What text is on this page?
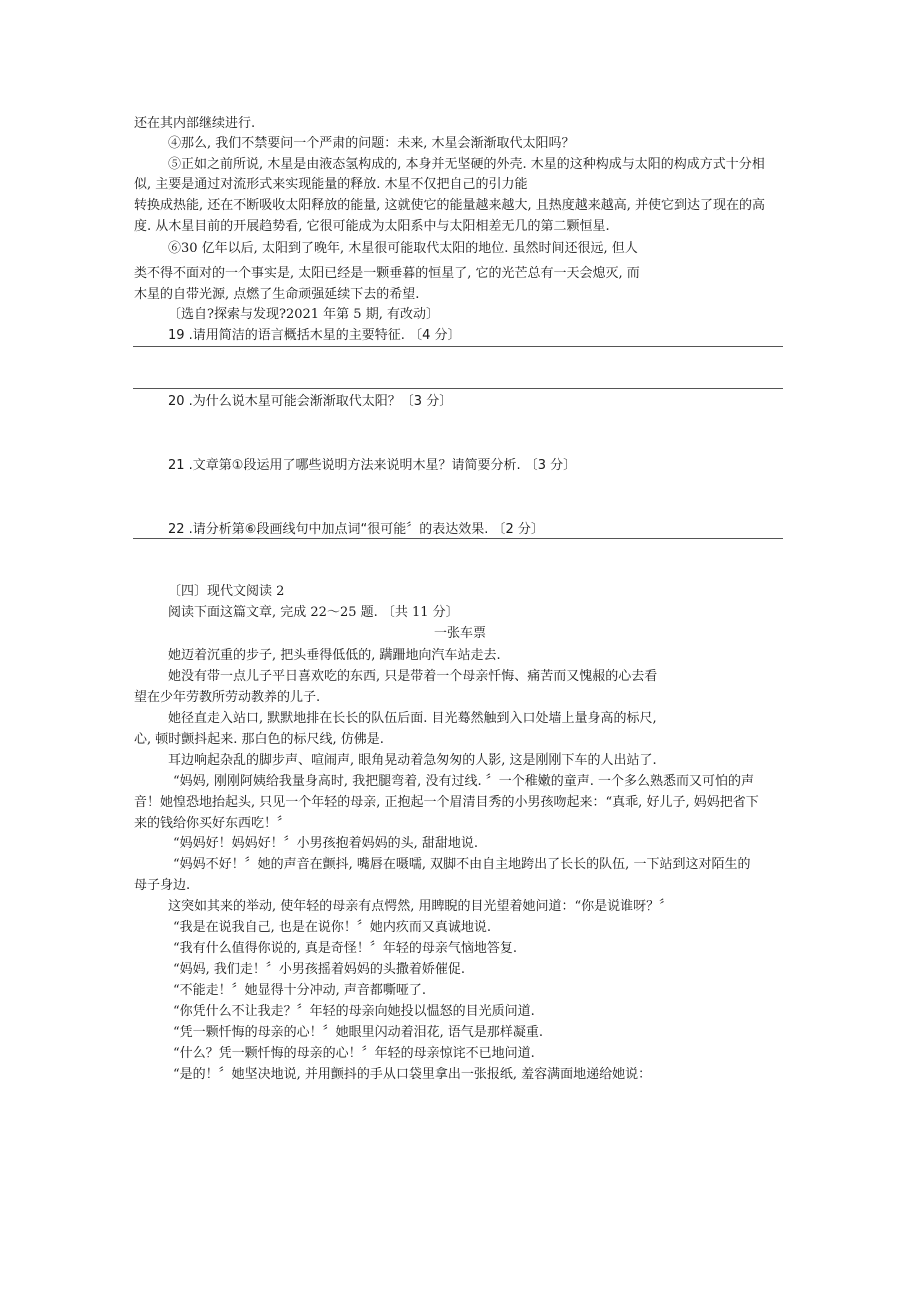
还在其内部继续进行.
④那么, 我们不禁要问一个严肃的问题：未来, 木星会渐渐取代太阳吗？
⑤正如之前所说, 木星是由液态氢构成的, 本身并无坚硬的外壳. 木星的这种构成与太阳的构成方式十分相
似, 主要是通过对流形式来实现能量的释放. 木星不仅把自己的引力能
转换成热能, 还在不断吸收太阳释放的能量, 这就使它的能量越来越大, 且热度越来越高, 并使它到达了现在的高
度. 从木星目前的开展趋势看, 它很可能成为太阳系中与太阳相差无几的第二颗恒星.
⑥30 亿年以后, 太阳到了晚年, 木星很可能取代太阳的地位. 虽然时间还很远, 但人
类不得不面对的一个事实是, 太阳已经是一颗垂暮的恒星了, 它的光芒总有一天会熄灭, 而
木星的自带光源, 点燃了生命顽强延续下去的希望.
〔选自?探索与发现?2021 年第 5 期, 有改动〕
19 .请用简洁的语言概括木星的主要特征. 〔4 分〕
20 .为什么说木星可能会渐渐取代太阳？〔3 分〕
21 .文章第①段运用了哪些说明方法来说明木星？请简要分析. 〔3 分〕
22 .请分析第⑥段画线句中加点词“很可能〞的表达效果. 〔2 分〕
〔四〕现代文阅读 2
阅读下面这篇文章, 完成 22〜25 题. 〔共 11 分〕
一张车票
她迈着沉重的步子, 把头垂得低低的, 蹒跚地向汽车站走去.
她没有带一点儿子平日喜欢吃的东西, 只是带着一个母亲忏悔、痛苦而又愧赧的心去看
望在少年劳教所劳动教养的儿子.
她径直走入站口, 默默地排在长长的队伍后面. 目光蓦然触到入口处墙上量身高的标尺,
心, 顿时颤抖起来. 那白色的标尺线, 仿佛是.
耳边响起杂乱的脚步声、喧闹声, 眼角晃动着急匆匆的人影, 这是刚刚下车的人出站了.
“妈妈, 刚刚阿姨给我量身高时, 我把腿弯着, 没有过线. 〞一个稚嫩的童声. 一个多么熟悉而又可怕的声
音！她惶恐地抬起头, 只见一个年轻的母亲, 正抱起一个眉清目秀的小男孩吻起来：“真乖, 好儿子, 妈妈把省下
来的钱给你买好东西吃！〞
“妈妈好！妈妈好！〞小男孩抱着妈妈的头, 甜甜地说.
“妈妈不好！〞她的声音在颤抖, 嘴唇在嗫嚅, 双脚不由自主地跨出了长长的队伍, 一下站到这对陌生的
母子身边.
这突如其来的举动, 使年轻的母亲有点愕然, 用睥睨的目光望着她问道：“你是说谁呀？〞
“我是在说我自己, 也是在说你！〞她内疚而又真诚地说.
“我有什么值得你说的, 真是奇怪！〞年轻的母亲气恼地答复.
“妈妈, 我们走！〞小男孩摇着妈妈的头撒着娇催促.
“不能走！〞她显得十分冲动, 声音都嘶哑了.
“你凭什么不让我走？〞年轻的母亲向她投以愠怒的目光质问道.
“凭一颗忏悔的母亲的心！〞她眼里闪动着泪花, 语气是那样凝重.
“什么？凭一颗忏悔的母亲的心！〞年轻的母亲惊诧不已地问道.
“是的！〞她坚决地说, 并用颤抖的手从口袋里拿出一张报纸, 羞容满面地递给她说：
